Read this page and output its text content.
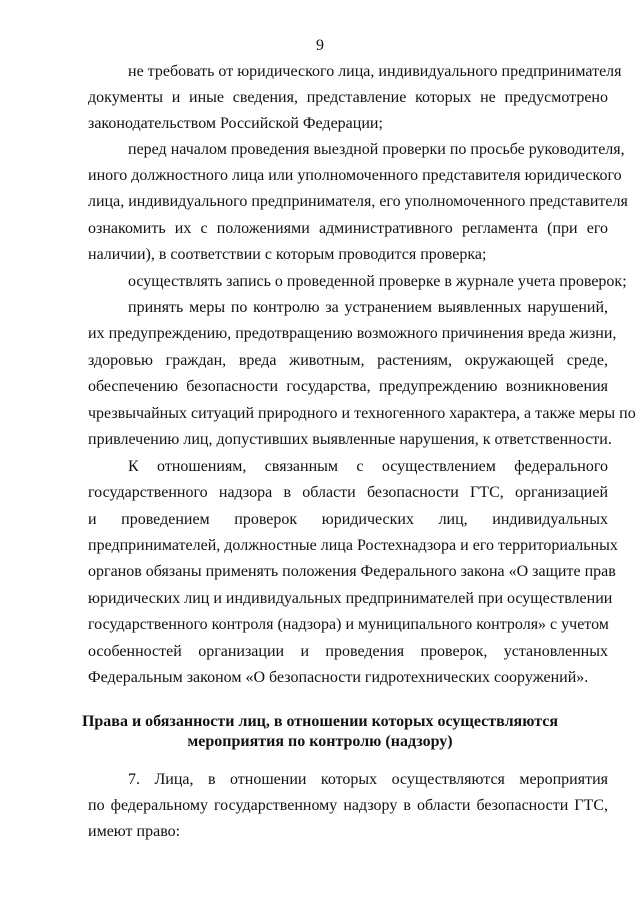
9
не требовать от юридического лица, индивидуального предпринимателя
документы и иные сведения, представление которых не предусмотрено
законодательством Российской Федерации;
перед началом проведения выездной проверки по просьбе руководителя,
иного должностного лица или уполномоченного представителя юридического
лица, индивидуального предпринимателя, его уполномоченного представителя
ознакомить их с положениями административного регламента (при его
наличии), в соответствии с которым проводится проверка;
осуществлять запись о проведенной проверке в журнале учета проверок;
принять меры по контролю за устранением выявленных нарушений,
их предупреждению, предотвращению возможного причинения вреда жизни,
здоровью граждан, вреда животным, растениям, окружающей среде,
обеспечению безопасности государства, предупреждению возникновения
чрезвычайных ситуаций природного и техногенного характера, а также меры по
привлечению лиц, допустивших выявленные нарушения, к ответственности.
К отношениям, связанным с осуществлением федерального
государственного надзора в области безопасности ГТС, организацией
и проведением проверок юридических лиц, индивидуальных
предпринимателей, должностные лица Ростехнадзора и его территориальных
органов обязаны применять положения Федерального закона «О защите прав
юридических лиц и индивидуальных предпринимателей при осуществлении
государственного контроля (надзора) и муниципального контроля» с учетом
особенностей организации и проведения проверок, установленных
Федеральным законом «О безопасности гидротехнических сооружений».
Права и обязанности лиц, в отношении которых осуществляются
мероприятия по контролю (надзору)
7. Лица, в отношении которых осуществляются мероприятия
по федеральному государственному надзору в области безопасности ГТС,
имеют право:
